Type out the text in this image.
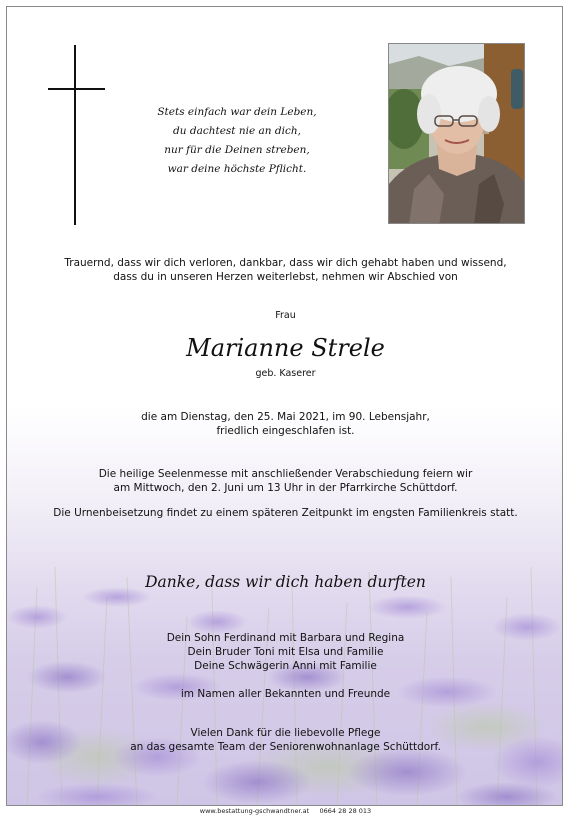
Stets einfach war dein Leben,
du dachtest nie an dich,
nur für die Deinen streben,
war deine höchste Pflicht.
Trauernd, dass wir dich verloren, dankbar, dass wir dich gehabt haben und wissend,
dass du in unseren Herzen weiterlebst, nehmen wir Abschied von
Frau
Marianne Strele
geb. Kaserer
die am Dienstag, den 25. Mai 2021, im 90. Lebensjahr,
friedlich eingeschlafen ist.
Die heilige Seelenmesse mit anschließender Verabschiedung feiern wir
am Mittwoch, den 2. Juni um 13 Uhr in der Pfarrkirche Schüttdorf.
Die Urnenbeisetzung findet zu einem späteren Zeitpunkt im engsten Familienkreis statt.
Danke, dass wir dich haben durften
Dein Sohn Ferdinand mit Barbara und Regina
Dein Bruder Toni mit Elsa und Familie
Deine Schwägerin Anni mit Familie
im Namen aller Bekannten und Freunde
Vielen Dank für die liebevolle Pflege
an das gesamte Team der Seniorenwohnanlage Schüttdorf.
www.bestattung-gschwandtner.at 0664 28 28 013
